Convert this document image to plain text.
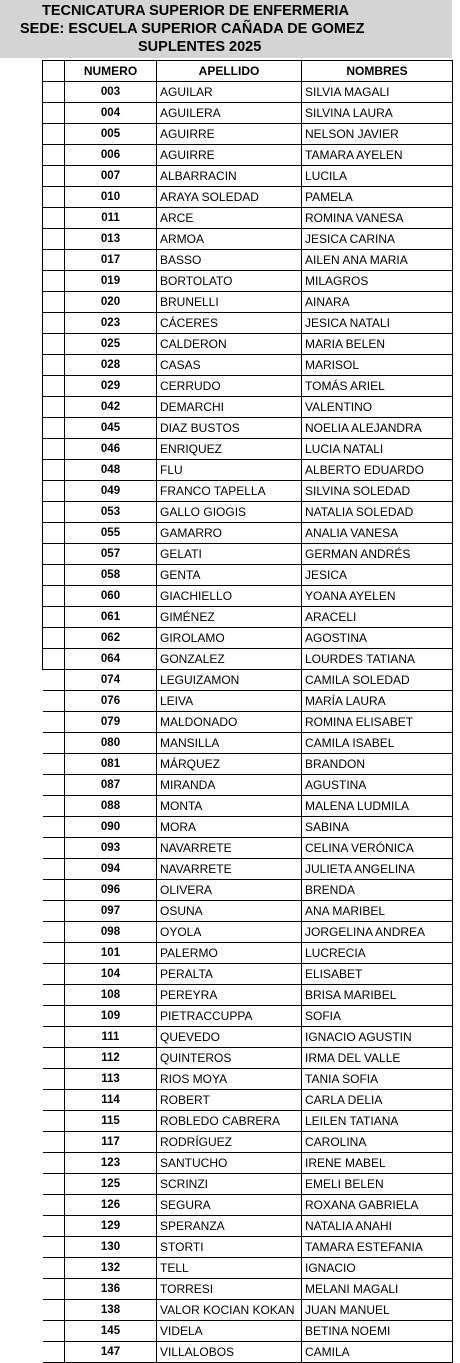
TECNICATURA SUPERIOR DE ENFERMERIA
SEDE: ESCUELA SUPERIOR CAÑADA DE GOMEZ
SUPLENTES 2025
	NUMERO	APELLIDO	NOMBRES
	003	AGUILAR	SILVIA MAGALI
	004	AGUILERA	SILVINA LAURA
	005	AGUIRRE	NELSON JAVIER
	006	AGUIRRE	TAMARA AYELEN
	007	ALBARRACIN	LUCILA
	010	ARAYA SOLEDAD	PAMELA
	011	ARCE	ROMINA VANESA
	013	ARMOA	JESICA CARINA
	017	BASSO	AILEN ANA MARIA
	019	BORTOLATO	MILAGROS
	020	BRUNELLI	AINARA
	023	CÁCERES	JESICA NATALI
	025	CALDERON	MARIA BELEN
	028	CASAS	MARISOL
	029	CERRUDO	TOMÁS ARIEL
	042	DEMARCHI	VALENTINO
	045	DIAZ BUSTOS	NOELIA ALEJANDRA
	046	ENRIQUEZ	LUCIA NATALI
	048	FLU	ALBERTO EDUARDO
	049	FRANCO TAPELLA	SILVINA SOLEDAD
	053	GALLO GIOGIS	NATALIA SOLEDAD
	055	GAMARRO	ANALIA VANESA
	057	GELATI	GERMAN ANDRÉS
	058	GENTA	JESICA
	060	GIACHIELLO	YOANA AYELEN
	061	GIMÉNEZ	ARACELI
	062	GIROLAMO	AGOSTINA
	064	GONZALEZ	LOURDES TATIANA
	074	LEGUIZAMON	CAMILA SOLEDAD
	076	LEIVA	MARÍA LAURA
	079	MALDONADO	ROMINA ELISABET
	080	MANSILLA	CAMILA ISABEL
	081	MÁRQUEZ	BRANDON
	087	MIRANDA	AGUSTINA
	088	MONTA	MALENA LUDMILA
	090	MORA	SABINA
	093	NAVARRETE	CELINA VERÓNICA
	094	NAVARRETE	JULIETA ANGELINA
	096	OLIVERA	BRENDA
	097	OSUNA	ANA MARIBEL
	098	OYOLA	JORGELINA ANDREA
	101	PALERMO	LUCRECIA
	104	PERALTA	ELISABET
	108	PEREYRA	BRISA MARIBEL
	109	PIETRACCUPPA	SOFIA
	111	QUEVEDO	IGNACIO AGUSTIN
	112	QUINTEROS	IRMA DEL VALLE
	113	RIOS MOYA	TANIA SOFIA
	114	ROBERT	CARLA DELIA
	115	ROBLEDO CABRERA	LEILEN TATIANA
	117	RODRÍGUEZ	CAROLINA
	123	SANTUCHO	IRENE MABEL
	125	SCRINZI	EMELI BELEN
	126	SEGURA	ROXANA GABRIELA
	129	SPERANZA	NATALIA ANAHI
	130	STORTI	TAMARA ESTEFANIA
	132	TELL	IGNACIO
	136	TORRESI	MELANI MAGALI
	138	VALOR KOCIAN KOKAN	JUAN MANUEL
	145	VIDELA	BETINA NOEMI
	147	VILLALOBOS	CAMILA
